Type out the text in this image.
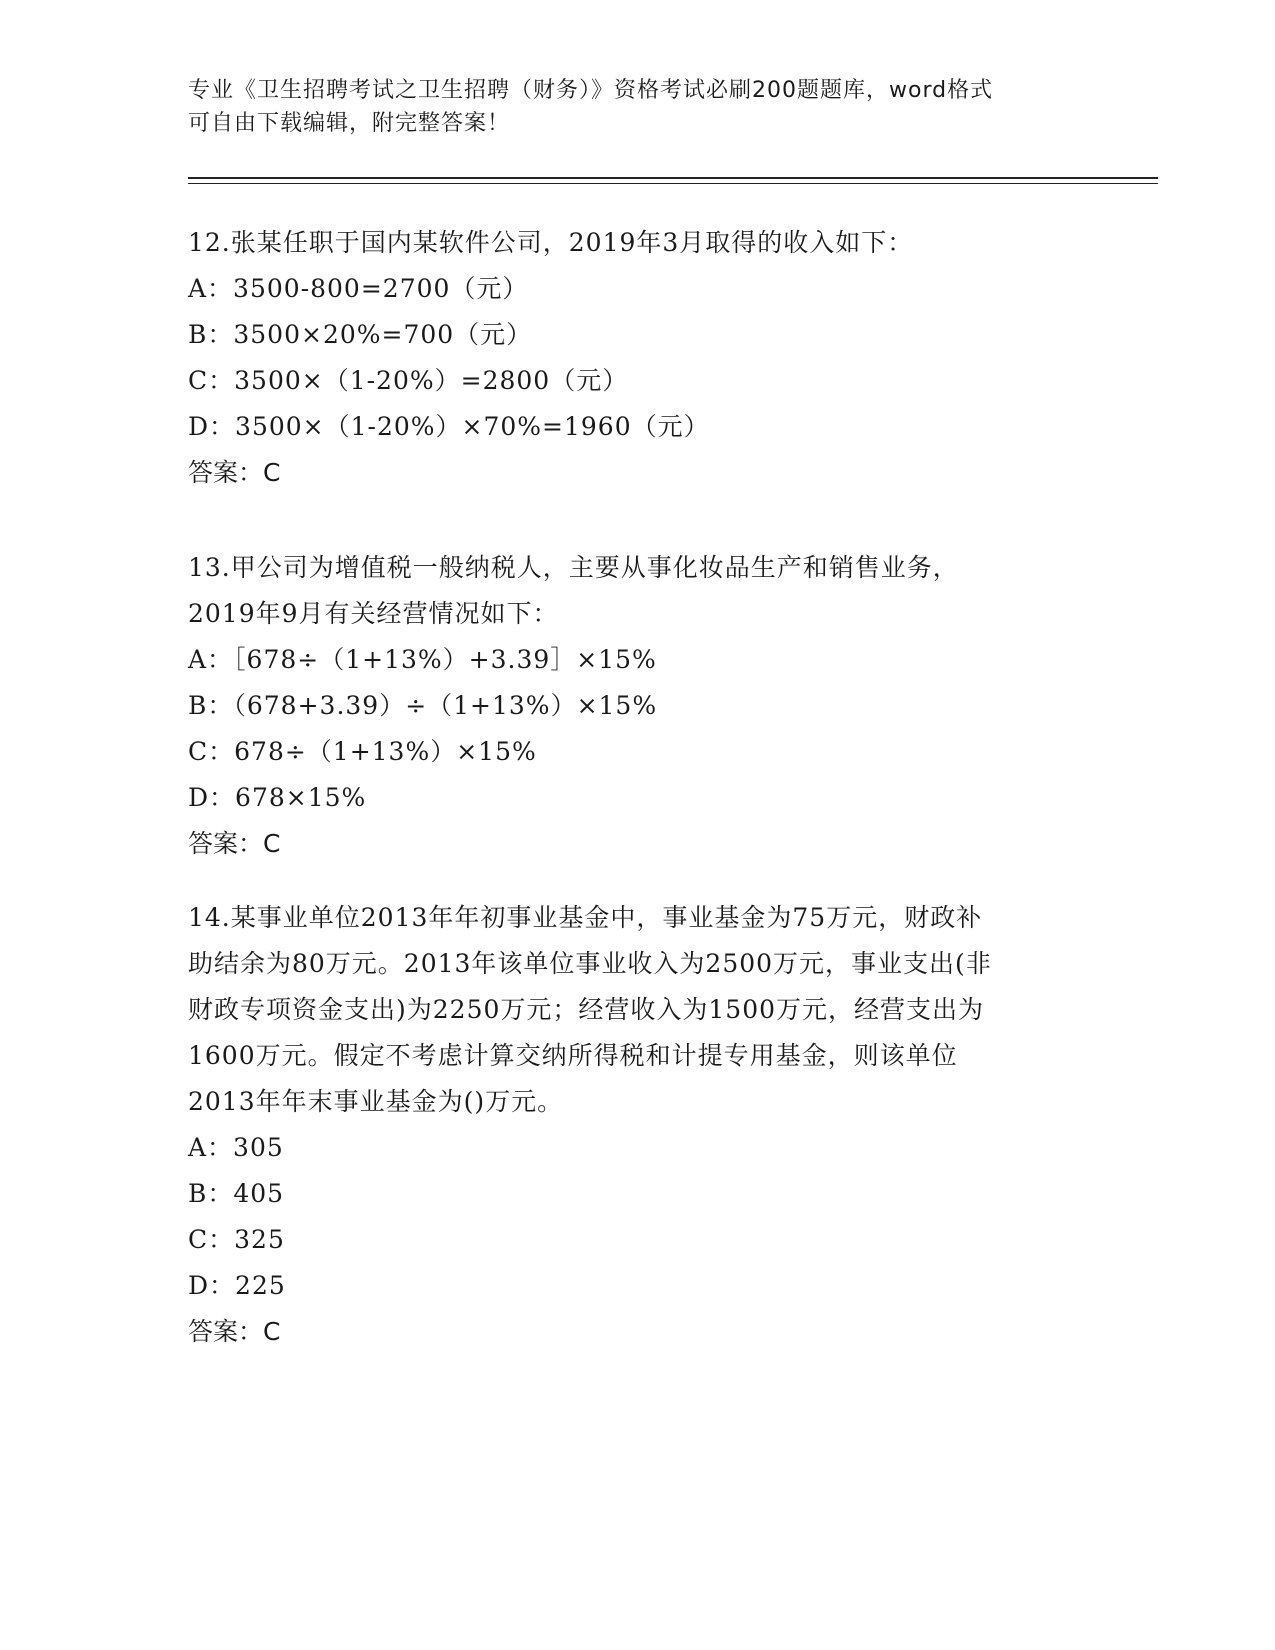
专业《卫生招聘考试之卫生招聘（财务）》资格考试必刷200题题库，word格式
可自由下载编辑，附完整答案！
12.张某任职于国内某软件公司，2019年3月取得的收入如下：
A：3500-800=2700（元）
B：3500×20%=700（元）
C：3500×（1-20%）=2800（元）
D：3500×（1-20%）×70%=1960（元）
答案：C
13.甲公司为增值税一般纳税人，主要从事化妆品生产和销售业务，
2019年9月有关经营情况如下：
A：［678÷（1+13%）+3.39］×15%
B：（678+3.39）÷（1+13%）×15%
C：678÷（1+13%）×15%
D：678×15%
答案：C
14.某事业单位2013年年初事业基金中，事业基金为75万元，财政补
助结余为80万元。2013年该单位事业收入为2500万元，事业支出(非
财政专项资金支出)为2250万元；经营收入为1500万元，经营支出为
1600万元。假定不考虑计算交纳所得税和计提专用基金，则该单位
2013年年末事业基金为()万元。
A：305
B：405
C：325
D：225
答案：C
